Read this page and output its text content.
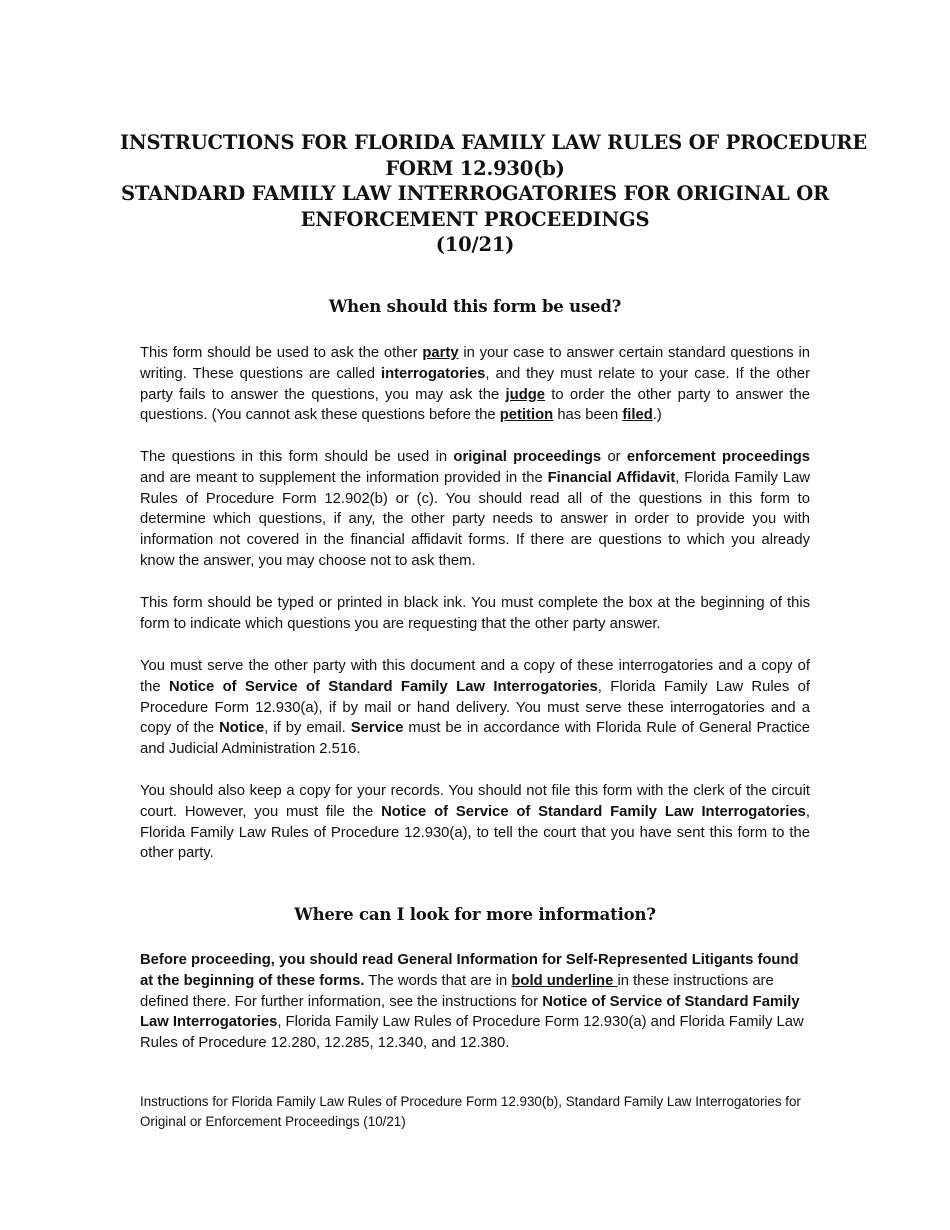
INSTRUCTIONS FOR FLORIDA FAMILY LAW RULES OF PROCEDURE
FORM 12.930(b)
STANDARD FAMILY LAW INTERROGATORIES FOR ORIGINAL OR
ENFORCEMENT PROCEEDINGS
(10/21)
When should this form be used?

This form should be used to ask the other party in your case to answer certain standard questions in writing. These questions are called interrogatories, and they must relate to your case. If the other party fails to answer the questions, you may ask the judge to order the other party to answer the questions. (You cannot ask these questions before the petition has been filed.)

The questions in this form should be used in original proceedings or enforcement proceedings and are meant to supplement the information provided in the Financial Affidavit, Florida Family Law Rules of Procedure Form 12.902(b) or (c). You should read all of the questions in this form to determine which questions, if any, the other party needs to answer in order to provide you with information not covered in the financial affidavit forms. If there are questions to which you already know the answer, you may choose not to ask them.

This form should be typed or printed in black ink. You must complete the box at the beginning of this form to indicate which questions you are requesting that the other party answer.

You must serve the other party with this document and a copy of these interrogatories and a copy of the Notice of Service of Standard Family Law Interrogatories, Florida Family Law Rules of Procedure Form 12.930(a), if by mail or hand delivery. You must serve these interrogatories and a copy of the Notice, if by email. Service must be in accordance with Florida Rule of General Practice and Judicial Administration 2.516.

You should also keep a copy for your records. You should not file this form with the clerk of the circuit court. However, you must file the Notice of Service of Standard Family Law Interrogatories, Florida Family Law Rules of Procedure 12.930(a), to tell the court that you have sent this form to the other party.

Where can I look for more information?

Before proceeding, you should read General Information for Self-Represented Litigants found at the beginning of these forms. The words that are in bold underline in these instructions are defined there. For further information, see the instructions for Notice of Service of Standard Family Law Interrogatories, Florida Family Law Rules of Procedure Form 12.930(a) and Florida Family Law Rules of Procedure 12.280, 12.285, 12.340, and 12.380.

Instructions for Florida Family Law Rules of Procedure Form 12.930(b), Standard Family Law Interrogatories for Original or Enforcement Proceedings (10/21)
